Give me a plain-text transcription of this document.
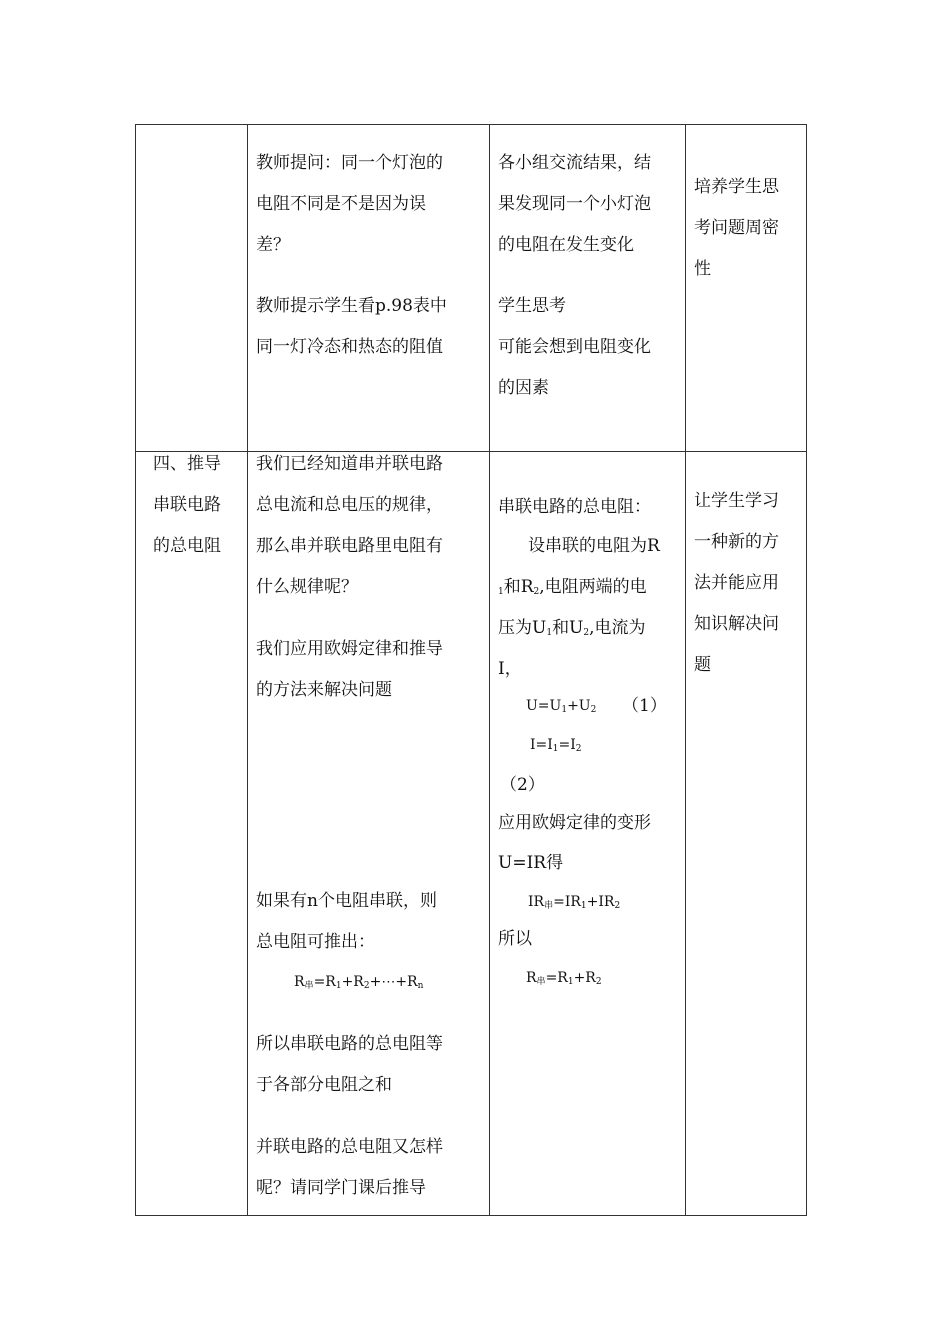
教师提问：同一个灯泡的
电阻不同是不是因为误
差？
教师提示学生看p.98表中
同一灯冷态和热态的阻值
各小组交流结果，结
果发现同一个小灯泡
的电阻在发生变化
学生思考
可能会想到电阻变化
的因素
培养学生思
考问题周密
性
四、推导
串联电路
的总电阻
我们已经知道串并联电路
总电流和总电压的规律，
那么串并联电路里电阻有
什么规律呢？
我们应用欧姆定律和推导
的方法来解决问题
如果有n个电阻串联，则
总电阻可推出：
$R_串=R_1+R_2+\cdots+R_n$
所以串联电路的总电阻等
于各部分电阻之和
并联电路的总电阻又怎样
呢？请同学门课后推导
串联电路的总电阻：
设串联的电阻为R
$_1$和$R_2$,电阻两端的电
压为$U_1$和$U_2$,电流为
I，
$U=U_1+U_2$ （1）
$I=I_1=I_2$
（2）
应用欧姆定律的变形
U=IR得
$IR_串=IR_1+IR_2$
所以
$R_串=R_1+R_2$
让学生学习
一种新的方
法并能应用
知识解决问
题
